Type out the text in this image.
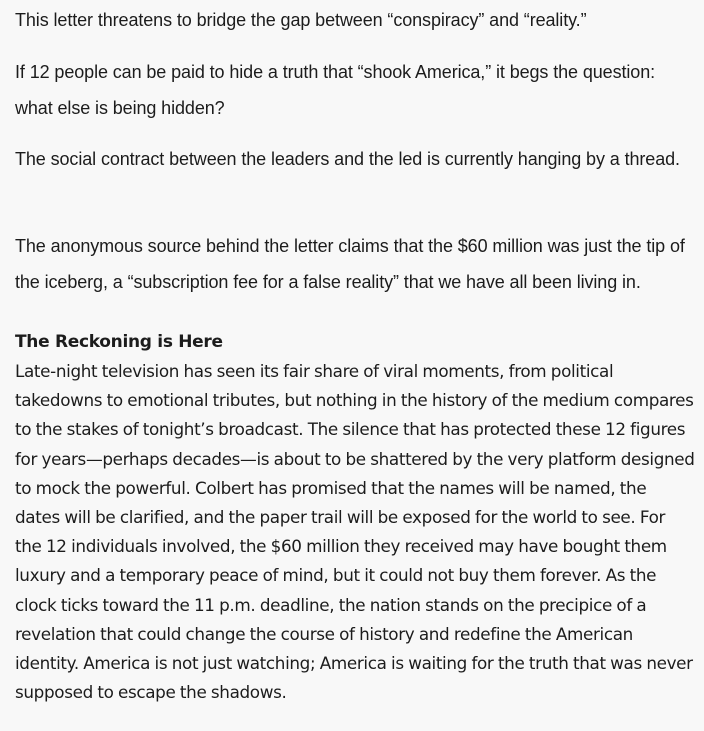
This letter threatens to bridge the gap between “conspiracy” and “reality.”

If 12 people can be paid to hide a truth that “shook America,” it begs the question: what else is being hidden?

The social contract between the leaders and the led is currently hanging by a thread.

The anonymous source behind the letter claims that the $60 million was just the tip of the iceberg, a “subscription fee for a false reality” that we have all been living in.

The Reckoning is Here

Late-night television has seen its fair share of viral moments, from political takedowns to emotional tributes, but nothing in the history of the medium compares to the stakes of tonight’s broadcast. The silence that has protected these 12 figures for years—perhaps decades—is about to be shattered by the very platform designed to mock the powerful. Colbert has promised that the names will be named, the dates will be clarified, and the paper trail will be exposed for the world to see. For the 12 individuals involved, the $60 million they received may have bought them luxury and a temporary peace of mind, but it could not buy them forever. As the clock ticks toward the 11 p.m. deadline, the nation stands on the precipice of a revelation that could change the course of history and redefine the American identity. America is not just watching; America is waiting for the truth that was never supposed to escape the shadows.
